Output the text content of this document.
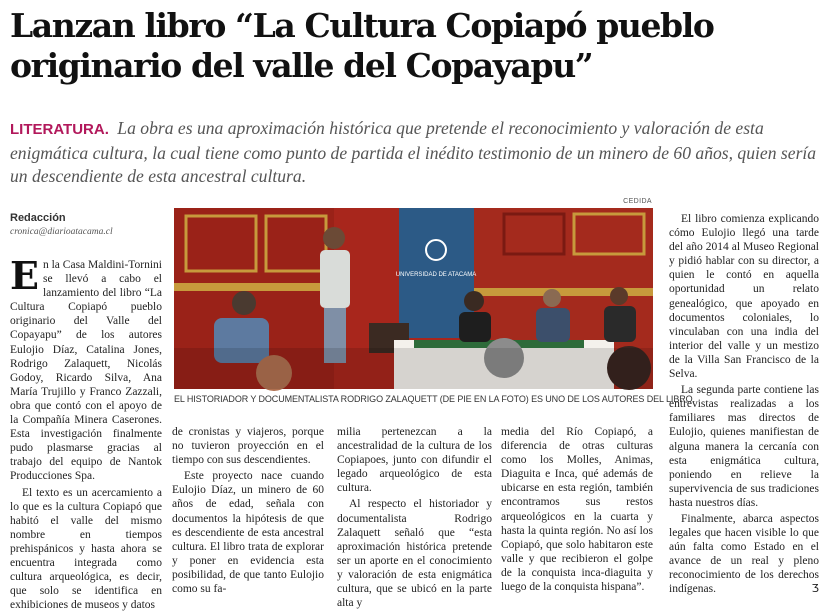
Lanzan libro “La Cultura Copiapó pueblo
originario del valle del Copayapu”
LITERATURA. La obra es una aproximación histórica que pretende el reconocimiento y valoración de esta enigmática cultura, la cual tiene como punto de partida el inédito testimonio de un minero de 60 años, quien sería un descendiente de esta ancestral cultura.
Redacción
cronica@diarioatacama.cl

En la Casa Maldini-Tornini se llevó a cabo el lanzamiento del libro “La Cultura Copiapó pueblo originario del Valle del Copayapu” de los autores Eulojio Díaz, Catalina Jones, Rodrigo Zalaquett, Nicolás Godoy, Ricardo Silva, Ana María Trujillo y Franco Zazzali, obra que contó con el apoyo de la Compañía Minera Caserones. Esta investigación finalmente pudo plasmarse gracias al trabajo del equipo de Nantok Producciones Spa.

El texto es un acercamiento a lo que es la cultura Copiapó que habitó el valle del mismo nombre en tiempos prehispánicos y hasta ahora se encuentra integrada como cultura arqueológica, es decir, que solo se identifica en exhibiciones de museos y datos

CEDIDA
UNIVERSIDAD DE ATACAMA
EL HISTORIADOR Y DOCUMENTALISTA RODRIGO ZALAQUETT (DE PIE EN LA FOTO) ES UNO DE LOS AUTORES DEL LIBRO.

de cronistas y viajeros, porque no tuvieron proyección en el tiempo con sus descendientes.

Este proyecto nace cuando Eulojio Díaz, un minero de 60 años de edad, señala con documentos la hipótesis de que es descendiente de esta ancestral cultura. El libro trata de explorar y poner en evidencia esta posibilidad, de que tanto Eulojio como su fa-

milia pertenezcan a la ancestralidad de la cultura de los Copiapoes, junto con difundir el legado arqueológico de esta cultura.

Al respecto el historiador y documentalista Rodrigo Zalaquett señaló que “esta aproximación histórica pretende ser un aporte en el conocimiento y valoración de esta enigmática cultura, que se ubicó en la parte alta y

media del Río Copiapó, a diferencia de otras culturas como los Molles, Animas, Diaguita e Inca, qué además de ubicarse en esta región, también encontramos sus restos arqueológicos en la cuarta y hasta la quinta región. No así los Copiapó, que solo habitaron este valle y que recibieron el golpe de la conquista inca-diaguita y luego de la conquista hispana”.

El libro comienza explicando cómo Eulojio llegó una tarde del año 2014 al Museo Regional y pidió hablar con su director, a quien le contó en aquella oportunidad un relato genealógico, que apoyado en documentos coloniales, lo vinculaban con una india del interior del valle y un mestizo de la Villa San Francisco de la Selva.

La segunda parte contiene las entrevistas realizadas a los familiares mas directos de Eulojio, quienes manifiestan de alguna manera la cercanía con esta enigmática cultura, poniendo en relieve la supervivencia de sus tradiciones hasta nuestros días.

Finalmente, abarca aspectos legales que hacen visible lo que aún falta como Estado en el avance de un real y pleno reconocimiento de los derechos indígenas.	Ʒ
